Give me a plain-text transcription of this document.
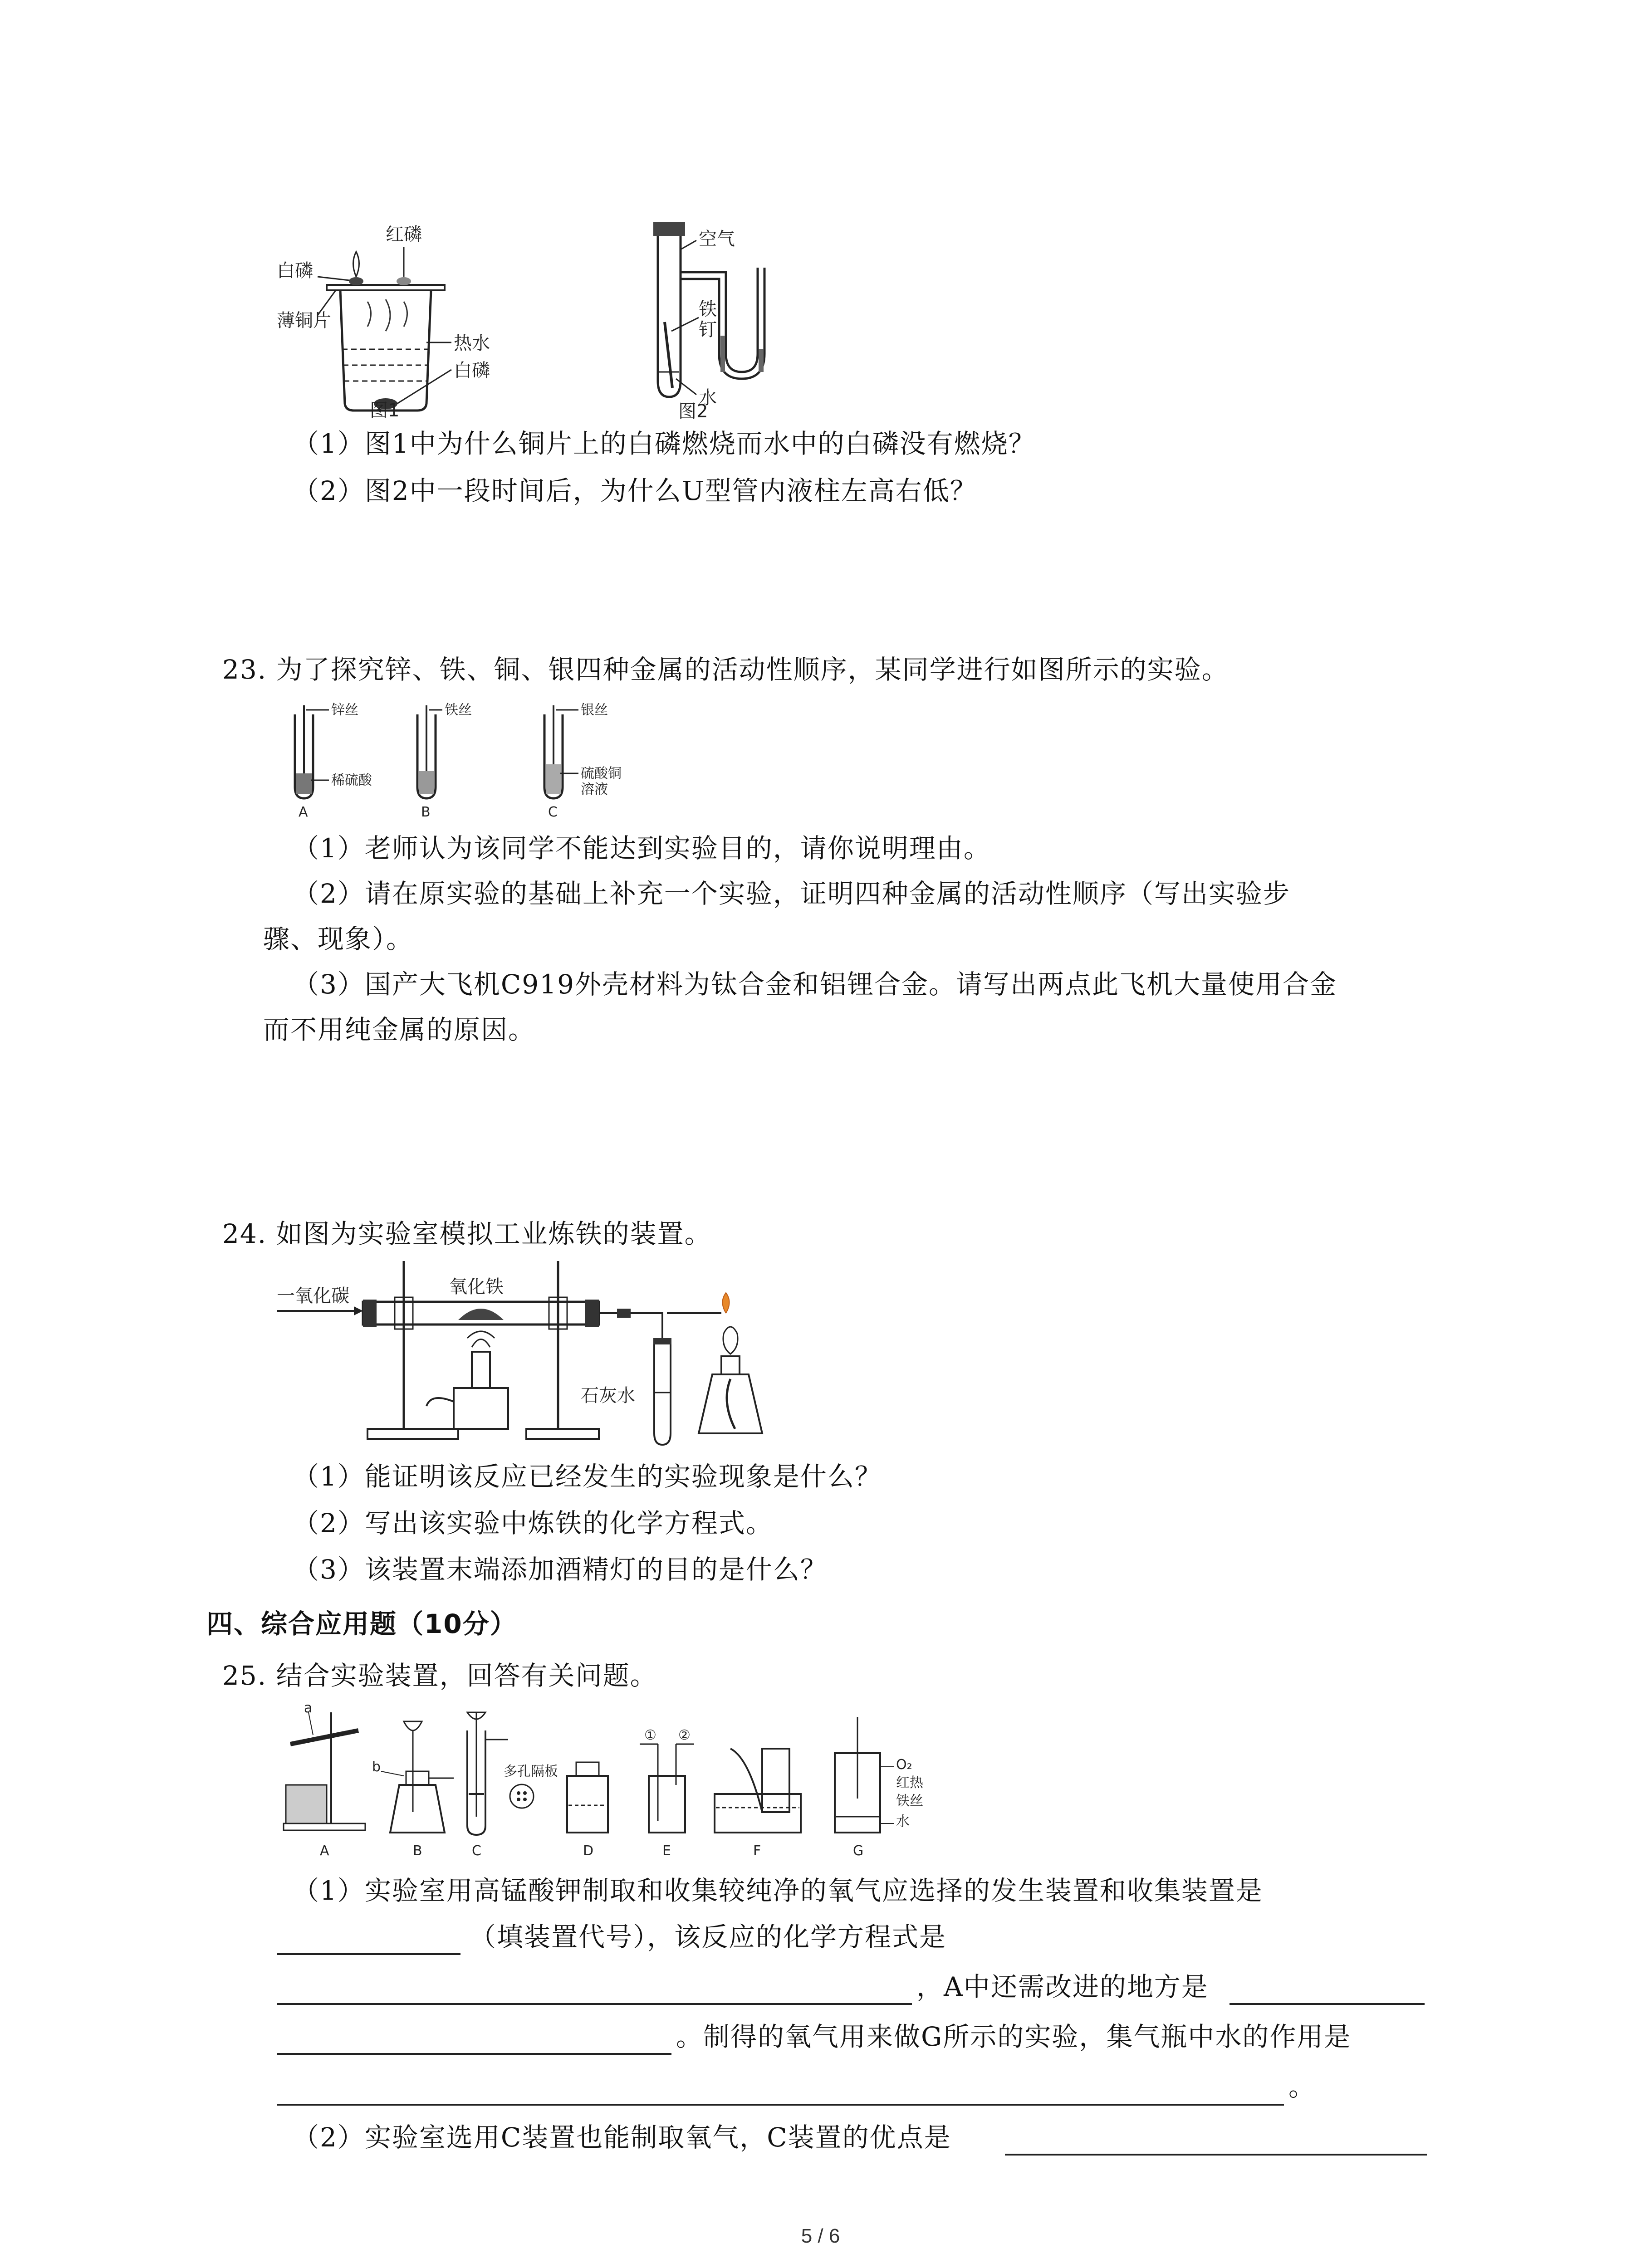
红磷
白磷
薄铜片
热水
白磷
图1
空气
铁
钉
水
图2
（1）图1中为什么铜片上的白磷燃烧而水中的白磷没有燃烧？
（2）图2中一段时间后，为什么U型管内液柱左高右低？
23. 为了探究锌、铁、铜、银四种金属的活动性顺序，某同学进行如图所示的实验。
锌丝	铁丝	银丝
稀硫酸	硫酸铜
溶液
A	B	C
（1）老师认为该同学不能达到实验目的，请你说明理由。
（2）请在原实验的基础上补充一个实验，证明四种金属的活动性顺序（写出实验步
骤、现象）。
（3）国产大飞机C919外壳材料为钛合金和铝锂合金。请写出两点此飞机大量使用合金
而不用纯金属的原因。
24. 如图为实验室模拟工业炼铁的装置。
一氧化碳	氧化铁
石灰水
（1）能证明该反应已经发生的实验现象是什么？
（2）写出该实验中炼铁的化学方程式。
（3）该装置末端添加酒精灯的目的是什么？
四、综合应用题（10分）
25. 结合实验装置，回答有关问题。
a
b	多孔隔板
① ②
O₂
红热
铁丝
水
A	B	C	D	E	F	G
（1）实验室用高锰酸钾制取和收集较纯净的氧气应选择的发生装置和收集装置是
（填装置代号），该反应的化学方程式是
，A中还需改进的地方是
。制得的氧气用来做G所示的实验，集气瓶中水的作用是
。
（2）实验室选用C装置也能制取氧气，C装置的优点是
5 / 6
